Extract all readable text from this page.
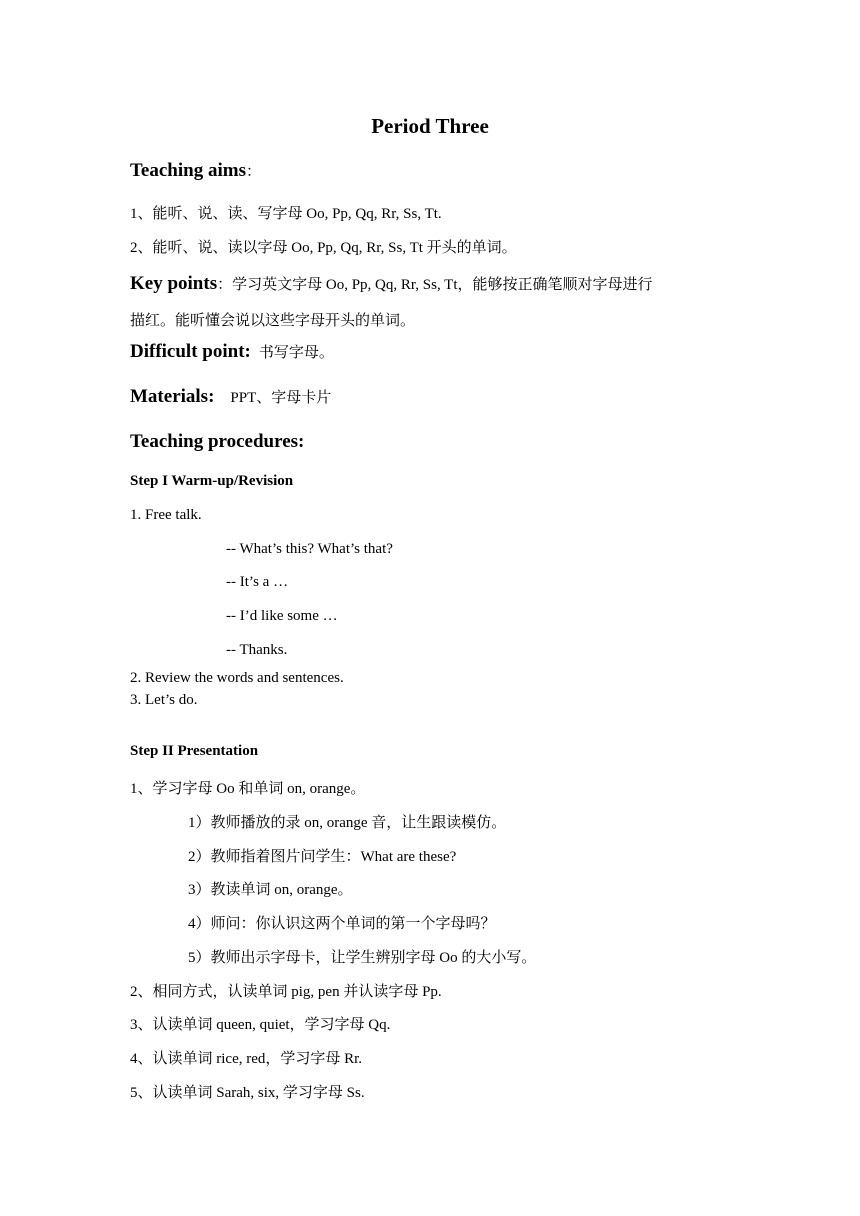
Period Three
Teaching aims：
1、能听、说、读、写字母 Oo, Pp, Qq, Rr, Ss, Tt.
2、能听、说、读以字母 Oo, Pp, Qq, Rr, Ss, Tt 开头的单词。
Key points：学习英文字母 Oo, Pp, Qq, Rr, Ss, Tt，能够按正确笔顺对字母进行
描红。能听懂会说以这些字母开头的单词。
Difficult point: 书写字母。
Materials: PPT、字母卡片
Teaching procedures:
Step I Warm-up/Revision
1. Free talk.
-- What’s this? What’s that?
-- It’s a …
-- I’d like some …
-- Thanks.
2. Review the words and sentences.
3. Let’s do.
Step II Presentation
1、学习字母 Oo 和单词 on, orange。
1）教师播放的录 on, orange 音，让生跟读模仿。
2）教师指着图片问学生：What are these?
3）教读单词 on, orange。
4）师问：你认识这两个单词的第一个字母吗？
5）教师出示字母卡，让学生辨别字母 Oo 的大小写。
2、相同方式，认读单词 pig, pen 并认读字母 Pp.
3、认读单词 queen, quiet，学习字母 Qq.
4、认读单词 rice, red，学习字母 Rr.
5、认读单词 Sarah, six, 学习字母 Ss.
